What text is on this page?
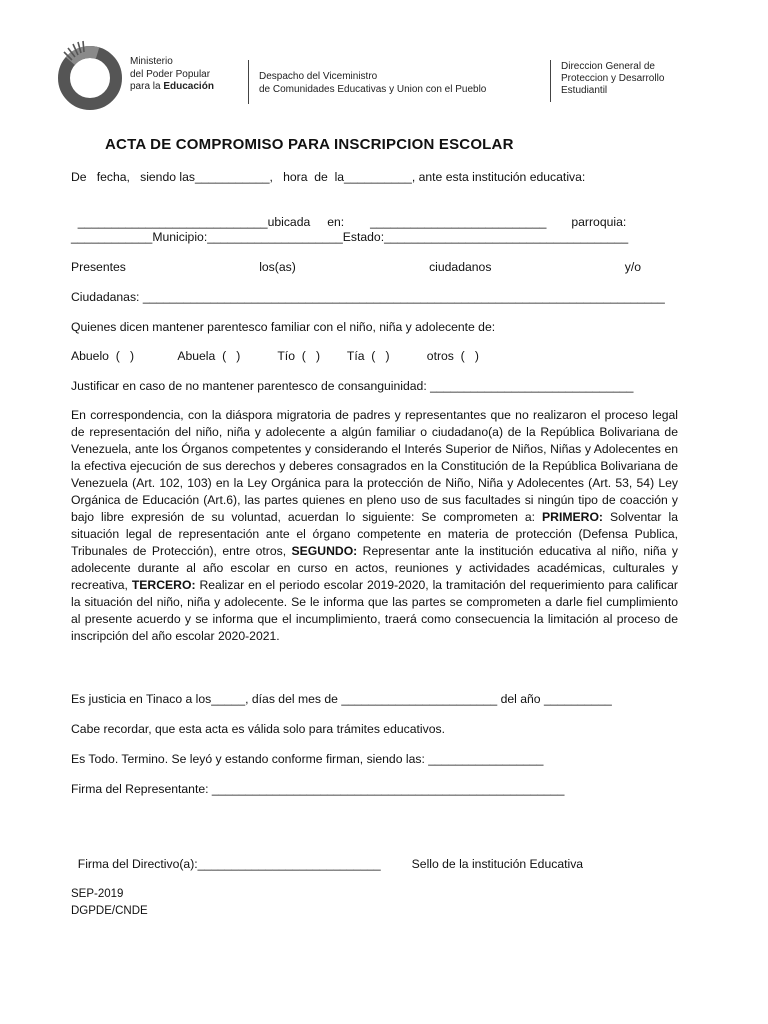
Ministerio
del Poder Popular
para la Educación
Despacho del Viceministro
de Comunidades Educativas y Union con el Pueblo
Direccion General de
Proteccion y Desarrollo
Estudiantil
ACTA DE COMPROMISO PARA INSCRIPCION ESCOLAR
De   fecha,   siendo las___________,   hora  de  la__________, ante esta institución educativa:

____________________________ubicada     en: __________________________ parroquia:

____________Municipio:____________________Estado:____________________________________
Presentes	los(as)	ciudadanos	y/o
Ciudadanas: _____________________________________________________________________________
Quienes dicen mantener parentesco familiar con el niño, niña y adolecente de:
Abuelo  (   )             Abuela  (   )           Tío  (   )        Tía  (   )           otros  (   )
Justificar en caso de no mantener parentesco de consanguinidad: ______________________________
En correspondencia, con la diáspora migratoria de padres y representantes que no realizaron el proceso legal de representación del niño, niña y adolecente a algún familiar o ciudadano(a) de la República Bolivariana de Venezuela, ante los Órganos competentes y considerando el Interés Superior de Niños, Niñas y Adolecentes en la efectiva ejecución de sus derechos y deberes consagrados en la Constitución de la República Bolivariana de Venezuela (Art. 102, 103) en la Ley Orgánica para la protección de Niño, Niña y Adolecentes (Art. 53, 54) Ley Orgánica de Educación (Art.6), las partes quienes en pleno uso de sus facultades si ningún tipo de coacción y bajo libre expresión de su voluntad, acuerdan lo siguiente: Se comprometen a: PRIMERO: Solventar la situación legal de representación ante el órgano competente en materia de protección (Defensa Publica, Tribunales de Protección), entre otros, SEGUNDO: Representar ante la institución educativa al niño, niña y adolecente durante al año escolar en curso en actos, reuniones y actividades académicas, culturales y recreativa, TERCERO: Realizar en el periodo escolar 2019-2020, la tramitación del requerimiento para calificar la situación del niño, niña y adolecente. Se le informa que las partes se comprometen a darle fiel cumplimiento al presente acuerdo y se informa que el incumplimiento, traerá como consecuencia la limitación al proceso de inscripción del año escolar 2020-2021.
Es justicia en Tinaco a los_____, días del mes de _______________________ del año __________
Cabe recordar, que esta acta es válida solo para trámites educativos.
Es Todo. Termino. Se leyó y estando conforme firman, siendo las: _________________
Firma del Representante: ____________________________________________________

Firma del Directivo(a):___________________________	Sello de la institución Educativa

SEP-2019
DGPDE/CNDE
